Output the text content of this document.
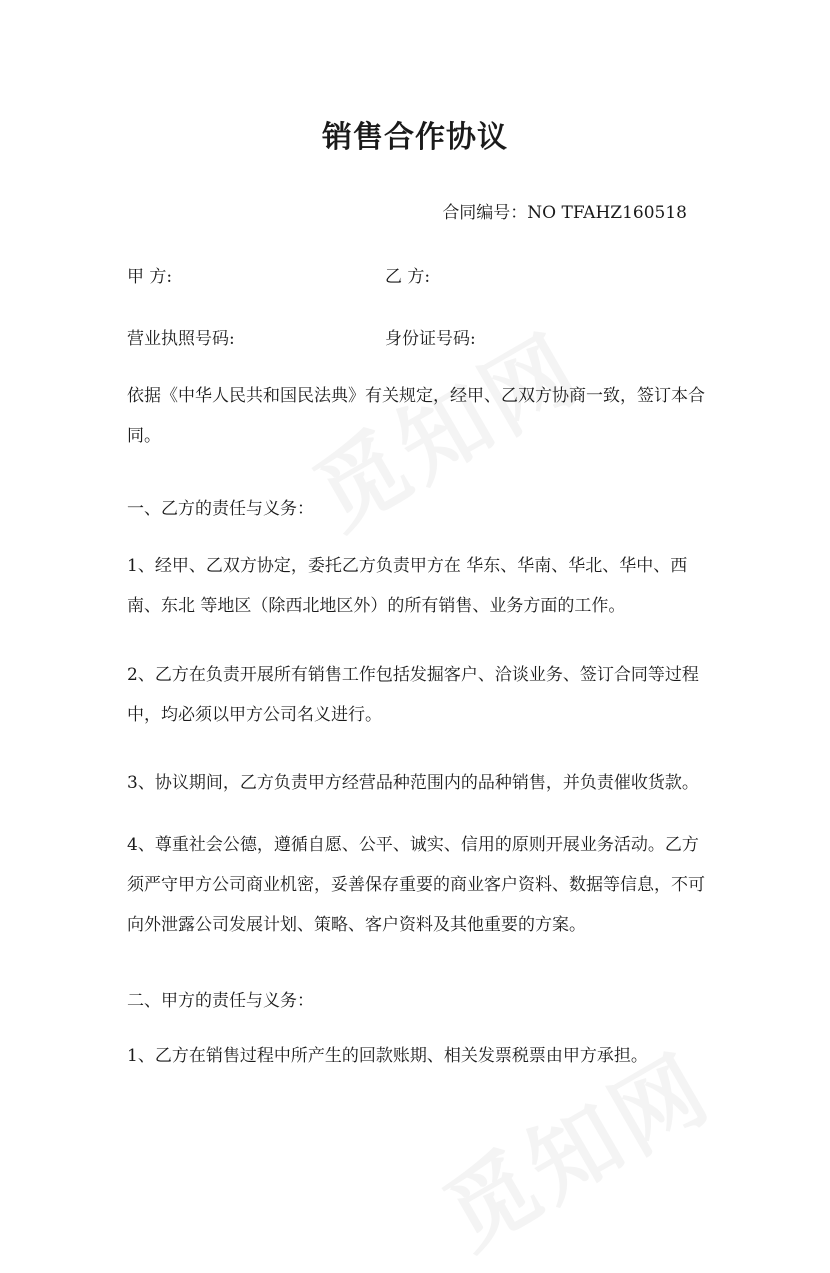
销售合作协议
合同编号：NO TFAHZ160518
甲 方:	乙 方:
营业执照号码:	身份证号码:
依据《中华人民共和国民法典》有关规定，经甲、乙双方协商一致，签订本合
同。
一、乙方的责任与义务：
1、经甲、乙双方协定，委托乙方负责甲方在 华东、华南、华北、华中、西
南、东北 等地区（除西北地区外）的所有销售、业务方面的工作。
2、乙方在负责开展所有销售工作包括发掘客户、洽谈业务、签订合同等过程
中，均必须以甲方公司名义进行。
3、协议期间，乙方负责甲方经营品种范围内的品种销售，并负责催收货款。
4、尊重社会公德，遵循自愿、公平、诚实、信用的原则开展业务活动。乙方
须严守甲方公司商业机密，妥善保存重要的商业客户资料、数据等信息，不可
向外泄露公司发展计划、策略、客户资料及其他重要的方案。
二、甲方的责任与义务：
1、乙方在销售过程中所产生的回款账期、相关发票税票由甲方承担。
